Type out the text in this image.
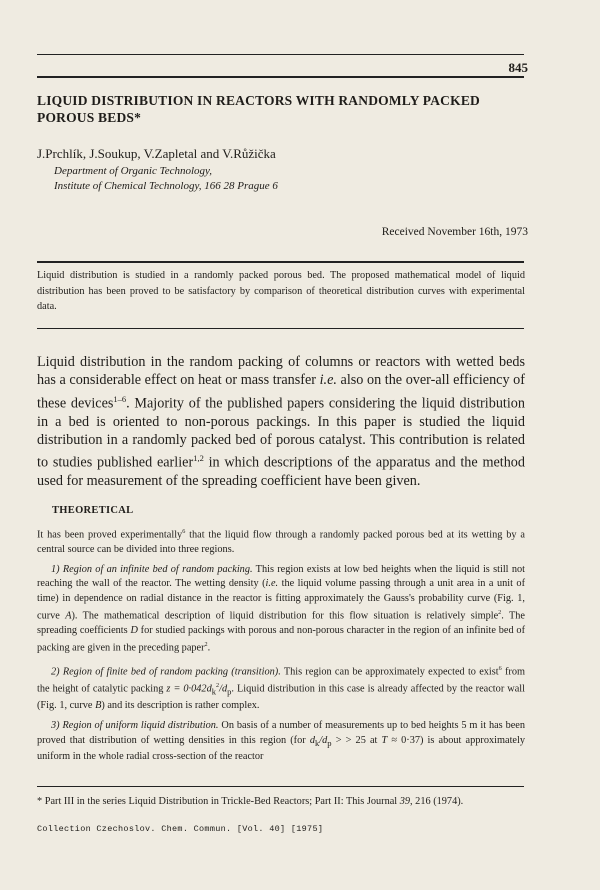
845
LIQUID DISTRIBUTION IN REACTORS WITH RANDOMLY PACKED POROUS BEDS*
J.Prchlík, J.Soukup, V.Zapletal and V.Růžička
Department of Organic Technology,
Institute of Chemical Technology, 166 28 Prague 6
Received November 16th, 1973
Liquid distribution is studied in a randomly packed porous bed. The proposed mathematical model of liquid distribution has been proved to be satisfactory by comparison of theoretical distribution curves with experimental data.
Liquid distribution in the random packing of columns or reactors with wetted beds has a considerable effect on heat or mass transfer i.e. also on the over-all efficiency of these devices$^{1-6}$. Majority of the published papers considering the liquid distribution in a bed is oriented to non-porous packings. In this paper is studied the liquid distribution in a randomly packed bed of porous catalyst. This contribution is related to studies published earlier$^{1,2}$ in which descriptions of the apparatus and the method used for measurement of the spreading coefficient have been given.
THEORETICAL

It has been proved experimentally$^6$ that the liquid flow through a randomly packed porous bed at its wetting by a central source can be divided into three regions.

1) Region of an infinite bed of random packing. This region exists at low bed heights when the liquid is still not reaching the wall of the reactor. The wetting density (i.e. the liquid volume passing through a unit area in a unit of time) in dependence on radial distance in the reactor is fitting approximately the Gauss's probability curve (Fig. 1, curve A). The mathematical description of liquid distribution for this flow situation is relatively simple$^2$. The spreading coefficients D for studied packings with porous and non-porous character in the region of an infinite bed of packing are given in the preceding paper$^2$.

2) Region of finite bed of random packing (transition). This region can be approximately expected to exist$^6$ from the height of catalytic packing $z = 0\cdot 042d_k^2/d_p$. Liquid distribution in this case is already affected by the reactor wall (Fig. 1, curve B) and its description is rather complex.

3) Region of uniform liquid distribution. On basis of a number of measurements up to bed heights 5 m it has been proved that distribution of wetting densities in this region (for $d_k/d_p$ > > 25 at T ≈ 0·37) is about approximately uniform in the whole radial cross-section of the reactor

* Part III in the series Liquid Distribution in Trickle-Bed Reactors; Part II: This Journal 39, 216 (1974).
Collection Czechoslov. Chem. Commun. [Vol. 40] [1975]
